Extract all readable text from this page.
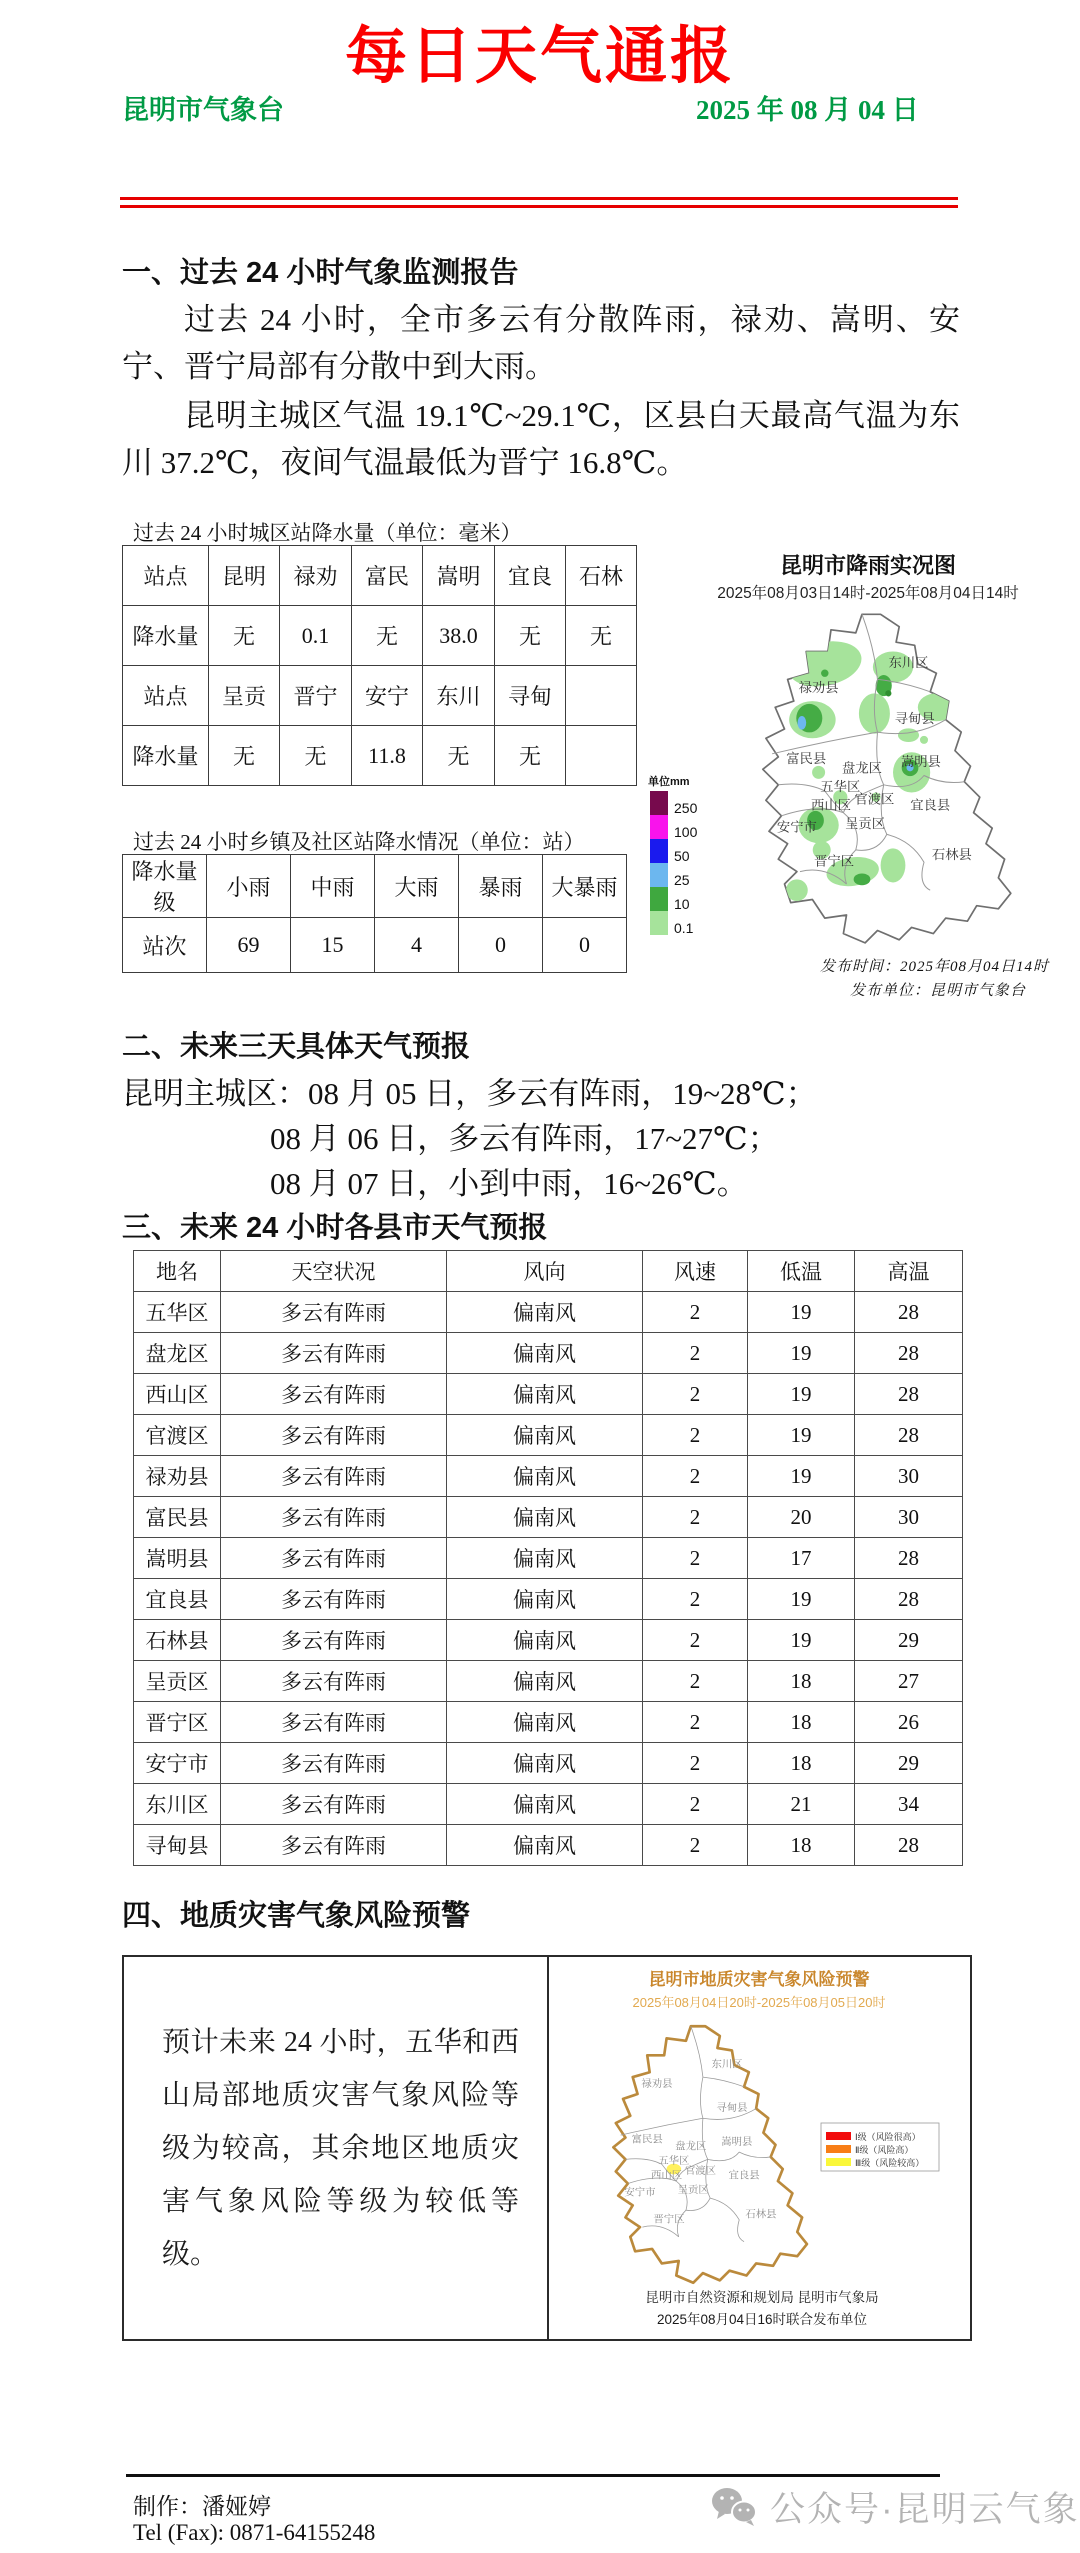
每日天气通报
昆明市气象台	2025 年 08 月 04 日
一、过去 24 小时气象监测报告
过去 24 小时，全市多云有分散阵雨，禄劝、嵩明、安宁、晋宁局部有分散中到大雨。
昆明主城区气温 19.1℃~29.1℃，区县白天最高气温为东川 37.2℃，夜间气温最低为晋宁 16.8℃。
过去 24 小时城区站降水量（单位：毫米）
站点	昆明	禄劝	富民	嵩明	宜良	石林
降水量	无	0.1	无	38.0	无	无
站点	呈贡	晋宁	安宁	东川	寻甸	
降水量	无	无	11.8	无	无	
过去 24 小时乡镇及社区站降水情况（单位：站）
降水量级	小雨	中雨	大雨	暴雨	大暴雨
站次	69	15	4	0	0
昆明市降雨实况图
2025年08月03日14时-2025年08月04日14时
东川区
禄劝县
寻甸县
富民县
盘龙区	嵩明县
五华区
官渡区
西山区
安宁市	呈贡区
宜良县
晋宁区	石林县
单位mm
250
100
50
25
10
0.1
发布时间：2025年08月04日14时
发布单位：昆明市气象台
二、未来三天具体天气预报
昆明主城区：08 月 05 日，多云有阵雨，19~28℃；
08 月 06 日，多云有阵雨，17~27℃；
08 月 07 日，小到中雨，16~26℃。
三、未来 24 小时各县市天气预报
地名	天空状况	风向	风速	低温	高温
五华区	多云有阵雨	偏南风	2	19	28
盘龙区	多云有阵雨	偏南风	2	19	28
西山区	多云有阵雨	偏南风	2	19	28
官渡区	多云有阵雨	偏南风	2	19	28
禄劝县	多云有阵雨	偏南风	2	19	30
富民县	多云有阵雨	偏南风	2	20	30
嵩明县	多云有阵雨	偏南风	2	17	28
宜良县	多云有阵雨	偏南风	2	19	28
石林县	多云有阵雨	偏南风	2	19	29
呈贡区	多云有阵雨	偏南风	2	18	27
晋宁区	多云有阵雨	偏南风	2	18	26
安宁市	多云有阵雨	偏南风	2	18	29
东川区	多云有阵雨	偏南风	2	21	34
寻甸县	多云有阵雨	偏南风	2	18	28
四、地质灾害气象风险预警
预计未来 24 小时，五华和西山局部地质灾害气象风险等级为较高，其余地区地质灾害气象风险等级为较低等级。
昆明市地质灾害气象风险预警
2025年08月04日20时-2025年08月05日20时
东川区
禄劝县
寻甸县
富民县
盘龙区	嵩明县
五华区
官渡区
西山区
安宁市	呈贡区
宜良县
晋宁区	石林县
Ⅰ级（风险很高）
Ⅱ级（风险高）
Ⅲ级（风险较高）
昆明市自然资源和规划局 昆明市气象局
2025年08月04日16时联合发布单位
制作：潘娅婷
Tel (Fax): 0871-64155248
公众号·昆明云气象
